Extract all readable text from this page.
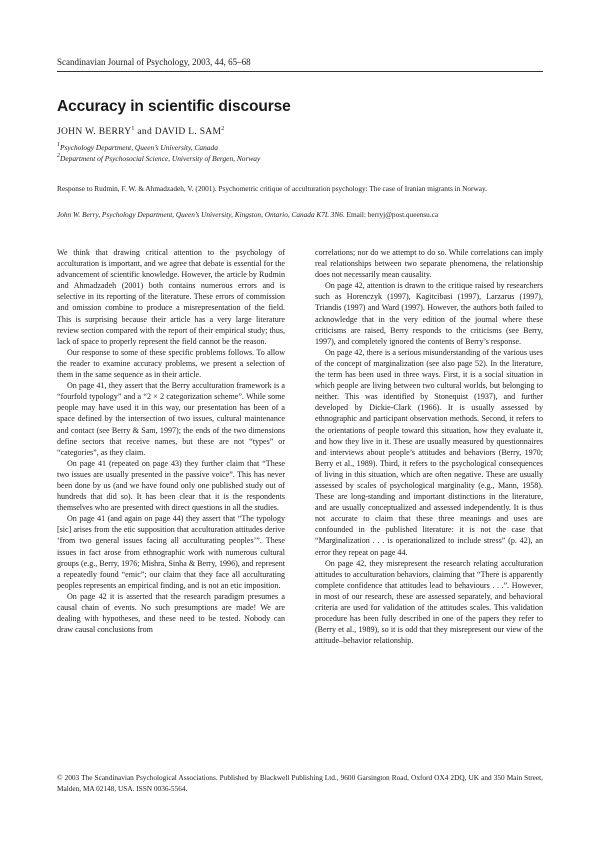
Scandinavian Journal of Psychology, 2003, 44, 65–68
Accuracy in scientific discourse
JOHN W. BERRY$^1$ and DAVID L. SAM$^2$
$^1$Psychology Department, Queen’s University, Canada
$^2$Department of Psychosocial Science, University of Bergen, Norway
Response to Rudmin, F. W. & Ahmadzadeh, V. (2001). Psychometric critique of acculturation psychology: The case of Iranian migrants in Norway.
John W. Berry, Psychology Department, Queen’s University, Kingston, Ontario, Canada K7L 3N6. Email: berryj@post.queensu.ca

We think that drawing critical attention to the psychology of acculturation is important, and we agree that debate is essential for the advancement of scientific knowledge. However, the article by Rudmin and Ahmadzadeh (2001) both contains numerous errors and is selective in its reporting of the literature. These errors of commission and omission combine to produce a misrepresentation of the field. This is surprising because their article has a very large literature review section compared with the report of their empirical study; thus, lack of space to properly represent the field cannot be the reason.

Our response to some of these specific problems follows. To allow the reader to examine accuracy problems, we present a selection of them in the same sequence as in their article.

On page 41, they assert that the Berry acculturation framework is a “fourfold typology” and a “2 × 2 categorization scheme”. While some people may have used it in this way, our presentation has been of a space defined by the intersection of two issues, cultural maintenance and contact (see Berry & Sam, 1997); the ends of the two dimensions define sectors that receive names, but these are not “types” or “categories”, as they claim.

On page 41 (repeated on page 43) they further claim that “These two issues are usually presented in the passive voice”. This has never been done by us (and we have found only one published study out of hundreds that did so). It has been clear that it is the respondents themselves who are presented with direct questions in all the studies.

On page 41 (and again on page 44) they assert that “The typology [sic] arises from the etic supposition that acculturation attitudes derive ‘from two general issues facing all acculturating peoples’”. These issues in fact arose from ethnographic work with numerous cultural groups (e.g., Berry, 1976; Mishra, Sinha & Berry, 1996), and represent a repeatedly found “emic”; our claim that they face all acculturating peoples represents an empirical finding, and is not an etic imposition.

On page 42 it is asserted that the research paradigm presumes a causal chain of events. No such presumptions are made! We are dealing with hypotheses, and these need to be tested. Nobody can draw causal conclusions from

correlations; nor do we attempt to do so. While correlations can imply real relationships between two separate phenomena, the relationship does not necessarily mean causality.

On page 42, attention is drawn to the critique raised by researchers such as Horenczyk (1997), Kagitcibasi (1997), Larzarus (1997), Triandis (1997) and Ward (1997). However, the authors both failed to acknowledge that in the very edition of the journal where these criticisms are raised, Berry responds to the criticisms (see Berry, 1997), and completely ignored the contents of Berry’s response.

On page 42, there is a serious misunderstanding of the various uses of the concept of marginalization (see also page 52). In the literature, the term has been used in three ways. First, it is a social situation in which people are living between two cultural worlds, but belonging to neither. This was identified by Stonequist (1937), and further developed by Dickie-Clark (1966). It is usually assessed by ethnographic and participant observation methods. Second, it refers to the orientations of people toward this situation, how they evaluate it, and how they live in it. These are usually measured by questionnaires and interviews about people’s attitudes and behaviors (Berry, 1970; Berry et al., 1989). Third, it refers to the psychological consequences of living in this situation, which are often negative. These are usually assessed by scales of psychological marginality (e.g., Mann, 1958). These are long-standing and important distinctions in the literature, and are usually conceptualized and assessed independently. It is thus not accurate to claim that these three meanings and uses are confounded in the published literature: it is not the case that “Marginalization . . . is operationalized to include stress” (p. 42), an error they repeat on page 44.

On page 42, they misrepresent the research relating acculturation attitudes to acculturation behaviors, claiming that “There is apparently complete confidence that attitudes lead to behaviours . . .”. However, in most of our research, these are assessed separately, and behavioral criteria are used for validation of the attitudes scales. This validation procedure has been fully described in one of the papers they refer to (Berry et al., 1989), so it is odd that they misrepresent our view of the attitude–behavior relationship.

© 2003 The Scandinavian Psychological Associations. Published by Blackwell Publishing Ltd., 9600 Garsington Road, Oxford OX4 2DQ, UK and 350 Main Street, Malden, MA 02148, USA. ISSN 0036-5564.
